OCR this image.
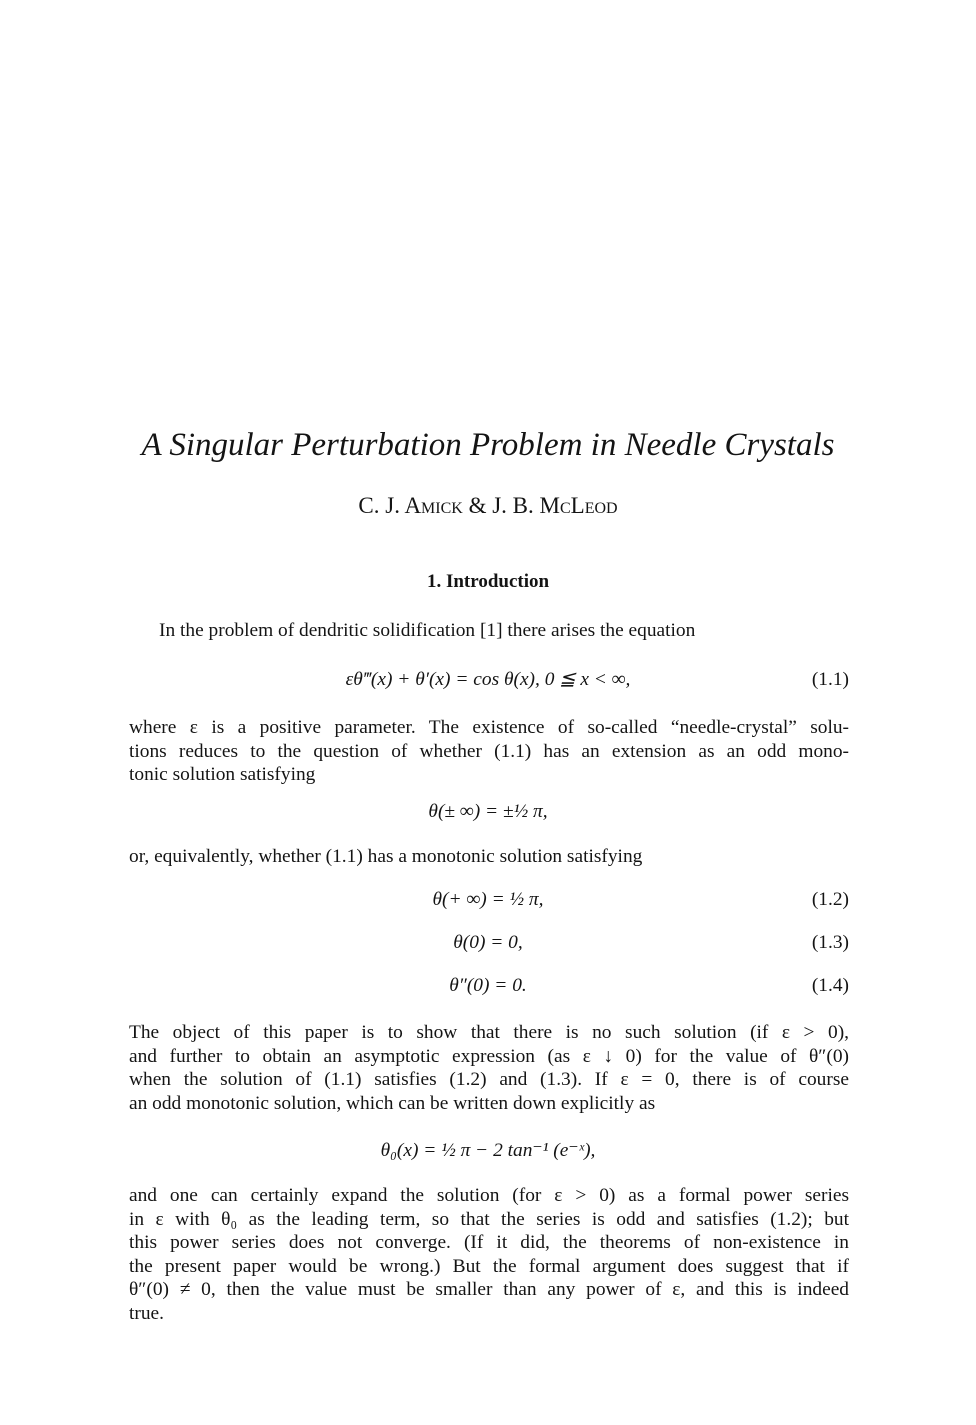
A Singular Perturbation Problem in Needle Crystals
C. J. Amick & J. B. McLeod
1. Introduction
In the problem of dendritic solidification [1] there arises the equation
εθ‴(x) + θ′(x) = cos θ(x), 0 ≦ x < ∞,	(1.1)
where ε is a positive parameter. The existence of so-called “needle-crystal” solu-
tions reduces to the question of whether (1.1) has an extension as an odd mono-
tonic solution satisfying
θ(± ∞) = ±½ π,
or, equivalently, whether (1.1) has a monotonic solution satisfying
θ(+ ∞) = ½ π,	(1.2)
θ(0) = 0,	(1.3)
θ″(0) = 0.	(1.4)
The object of this paper is to show that there is no such solution (if ε > 0),
and further to obtain an asymptotic expression (as ε ↓ 0) for the value of θ″(0)
when the solution of (1.1) satisfies (1.2) and (1.3). If ε = 0, there is of course
an odd monotonic solution, which can be written down explicitly as
θ₀(x) = ½ π − 2 tan⁻¹ (e⁻ˣ),
and one can certainly expand the solution (for ε > 0) as a formal power series
in ε with θ₀ as the leading term, so that the series is odd and satisfies (1.2); but
this power series does not converge. (If it did, the theorems of non-existence in
the present paper would be wrong.) But the formal argument does suggest that if
θ″(0) ≠ 0, then the value must be smaller than any power of ε, and this is indeed
true.
